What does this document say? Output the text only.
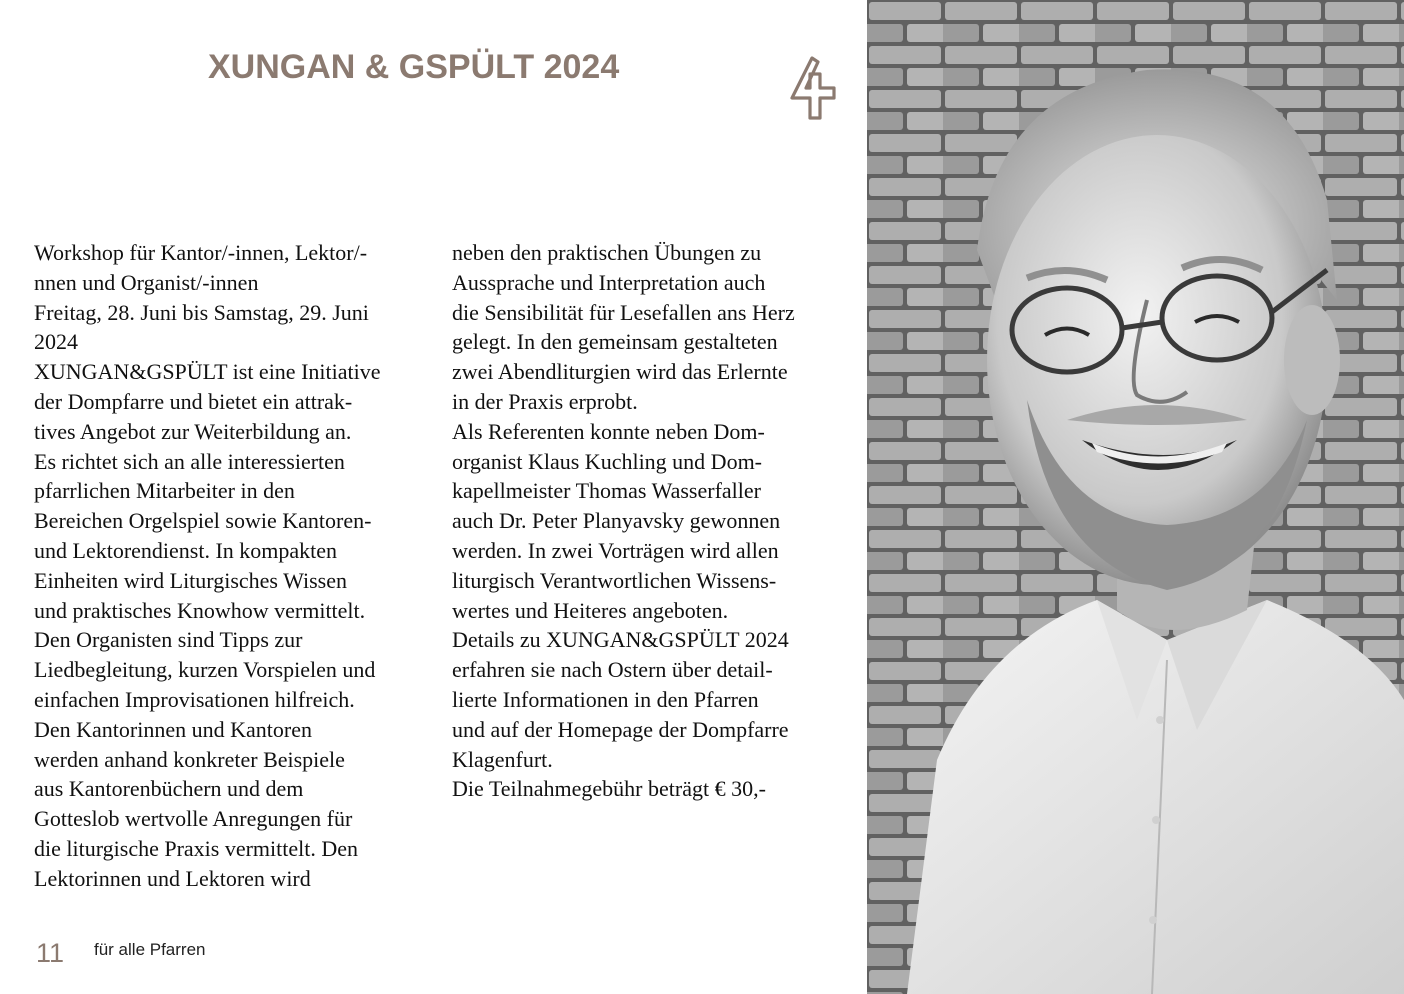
XUNGAN & GSPÜLT 2024

Workshop für Kantor/-innen, Lektor/-

nnen und Organist/-innen

Freitag, 28. Juni bis Samstag, 29. Juni

2024

XUNGAN&GSPÜLT ist eine Initiative

der Dompfarre und bietet ein attrak-

tives Angebot zur Weiterbildung an.

Es richtet sich an alle interessierten

pfarrlichen Mitarbeiter in den

Bereichen Orgelspiel sowie Kantoren-

und Lektorendienst. In kompakten

Einheiten wird Liturgisches Wissen

und praktisches Knowhow vermittelt.

Den Organisten sind Tipps zur

Liedbegleitung, kurzen Vorspielen und

einfachen Improvisationen hilfreich.

Den Kantorinnen und Kantoren

werden anhand konkreter Beispiele

aus Kantorenbüchern und dem

Gotteslob wertvolle Anregungen für

die liturgische Praxis vermittelt. Den

Lektorinnen und Lektoren wird

neben den praktischen Übungen zu

Aussprache und Interpretation auch

die Sensibilität für Lesefallen ans Herz

gelegt. In den gemeinsam gestalteten

zwei Abendliturgien wird das Erlernte

in der Praxis erprobt.

Als Referenten konnte neben Dom-

organist Klaus Kuchling und Dom-

kapellmeister Thomas Wasserfaller

auch Dr. Peter Planyavsky gewonnen

werden. In zwei Vorträgen wird allen

liturgisch Verantwortlichen Wissens-

wertes und Heiteres angeboten.

Details zu XUNGAN&GSPÜLT 2024

erfahren sie nach Ostern über detail-

lierte Informationen in den Pfarren

und auf der Homepage der Dompfarre

Klagenfurt.

Die Teilnahmegebühr beträgt € 30,-

11 für alle Pfarren
